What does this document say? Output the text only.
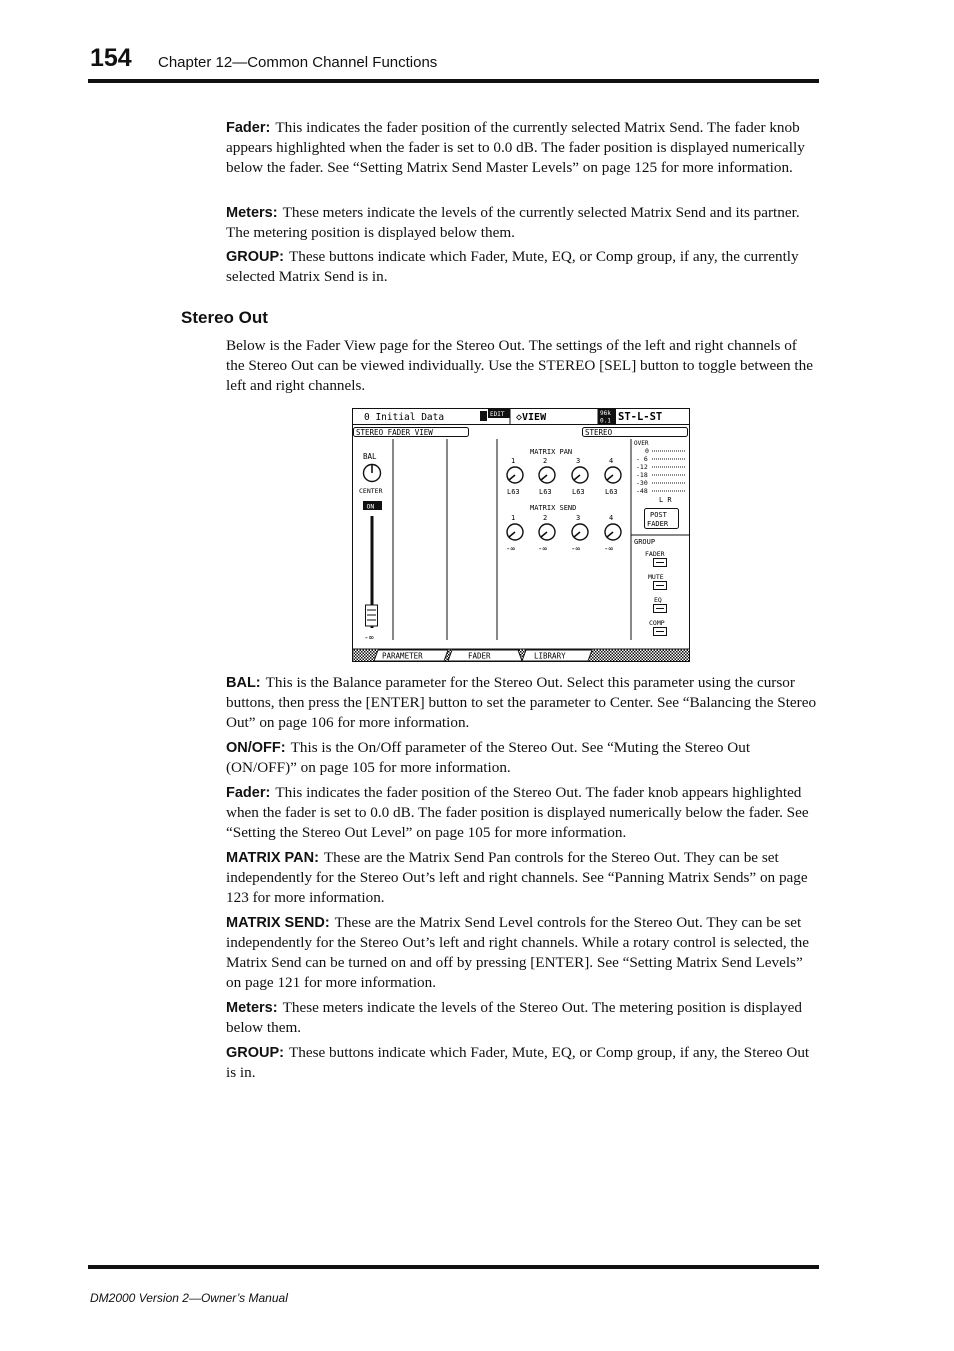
154 Chapter 12—Common Channel Functions

Fader: This indicates the fader position of the currently selected Matrix Send. The fader knob appears highlighted when the fader is set to 0.0 dB. The fader position is displayed numerically below the fader. See “Setting Matrix Send Master Levels” on page 125 for more information.

Meters: These meters indicate the levels of the currently selected Matrix Send and its partner. The metering position is displayed below them.

GROUP: These buttons indicate which Fader, Mute, EQ, or Comp group, if any, the currently selected Matrix Send is in.

Stereo Out

Below is the Fader View page for the Stereo Out. The settings of the left and right channels of the Stereo Out can be viewed individually. Use the STEREO [SEL] button to toggle between the left and right channels.

0 Initial Data	EDIT ◇VIEW	96k
0.1 ST-L-ST
STEREO FADER VIEW	STEREO
BAL
CENTER
ON
-∞
MATRIX PAN
1	2	3	4
L63	L63	L63	L63
MATRIX SEND
1	2	3	4
-∞	-∞	-∞	-∞
OVER
0
- 6
-12
-18
-30
-48
L R
POST
FADER
GROUP
FADER
MUTE
EQ
COMP
PARAMETER	FADER	LIBRARY

BAL: This is the Balance parameter for the Stereo Out. Select this parameter using the cursor buttons, then press the [ENTER] button to set the parameter to Center. See “Balancing the Stereo Out” on page 106 for more information.

ON/OFF: This is the On/Off parameter of the Stereo Out. See “Muting the Stereo Out (ON/OFF)” on page 105 for more information.

Fader: This indicates the fader position of the Stereo Out. The fader knob appears highlighted when the fader is set to 0.0 dB. The fader position is displayed numerically below the fader. See “Setting the Stereo Out Level” on page 105 for more information.

MATRIX PAN: These are the Matrix Send Pan controls for the Stereo Out. They can be set independently for the Stereo Out’s left and right channels. See “Panning Matrix Sends” on page 123 for more information.

MATRIX SEND: These are the Matrix Send Level controls for the Stereo Out. They can be set independently for the Stereo Out’s left and right channels. While a rotary control is selected, the Matrix Send can be turned on and off by pressing [ENTER]. See “Setting Matrix Send Levels” on page 121 for more information.

Meters: These meters indicate the levels of the Stereo Out. The metering position is displayed below them.

GROUP: These buttons indicate which Fader, Mute, EQ, or Comp group, if any, the Stereo Out is in.

DM2000 Version 2—Owner’s Manual
